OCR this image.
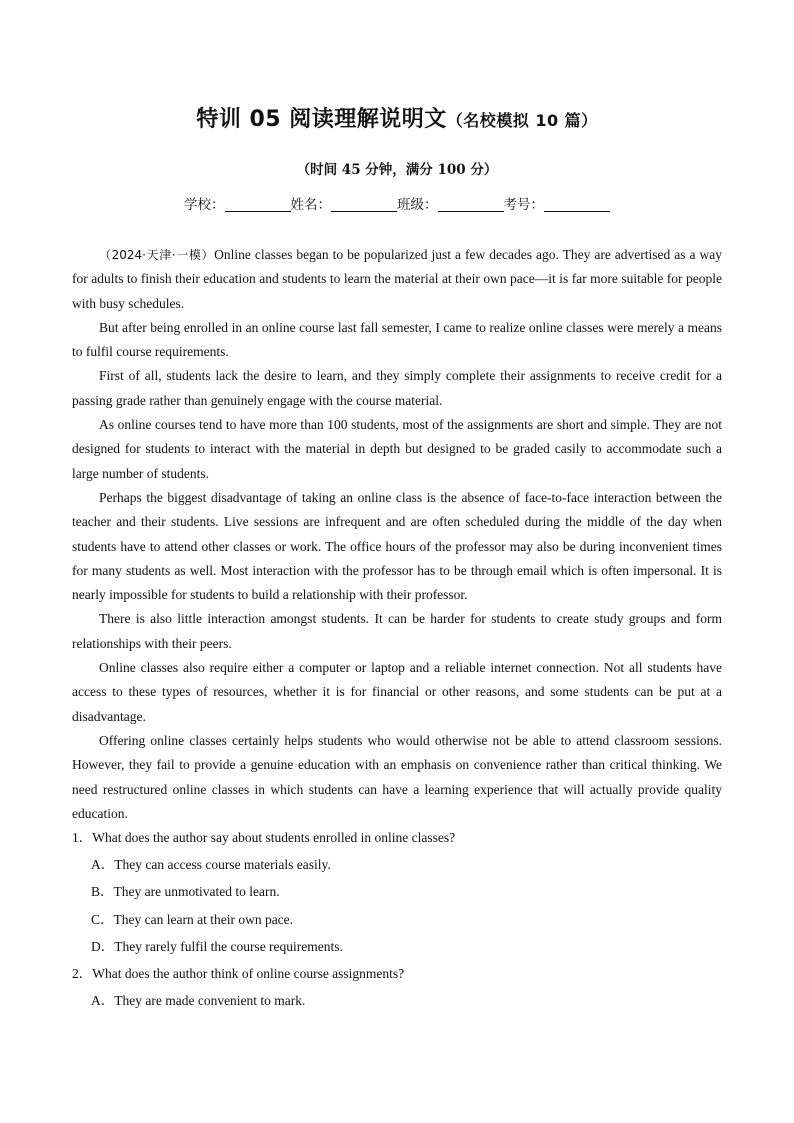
特训 05 阅读理解说明文（名校模拟 10 篇）
（时间 45 分钟，满分 100 分）
学校：	姓名：	班级：	考号：

（2024·天津·一模）Online classes began to be popularized just a few decades ago. They are advertised as a way for adults to finish their education and students to learn the material at their own pace—it is far more suitable for people with busy schedules.

But after being enrolled in an online course last fall semester, I came to realize online classes were merely a means to fulfil course requirements.

First of all, students lack the desire to learn, and they simply complete their assignments to receive credit for a passing grade rather than genuinely engage with the course material.

As online courses tend to have more than 100 students, most of the assignments are short and simple. They are not designed for students to interact with the material in depth but designed to be graded casily to accommodate such a large number of students.

Perhaps the biggest disadvantage of taking an online class is the absence of face-to-face interaction between the teacher and their students. Live sessions are infrequent and are often scheduled during the middle of the day when students have to attend other classes or work. The office hours of the professor may also be during inconvenient times for many students as well. Most interaction with the professor has to be through email which is often impersonal. It is nearly impossible for students to build a relationship with their professor.

There is also little interaction amongst students. It can be harder for students to create study groups and form relationships with their peers.

Online classes also require either a computer or laptop and a reliable internet connection. Not all students have access to these types of resources, whether it is for financial or other reasons, and some students can be put at a disadvantage.

Offering online classes certainly helps students who would otherwise not be able to attend classroom sessions. However, they fail to provide a genuine education with an emphasis on convenience rather than critical thinking. We need restructured online classes in which students can have a learning experience that will actually provide quality education.

1．What does the author say about students enrolled in online classes?
A．They can access course materials easily.
B．They are unmotivated to learn.
C．They can learn at their own pace.
D．They rarely fulfil the course requirements.
2．What does the author think of online course assignments?
A．They are made convenient to mark.
